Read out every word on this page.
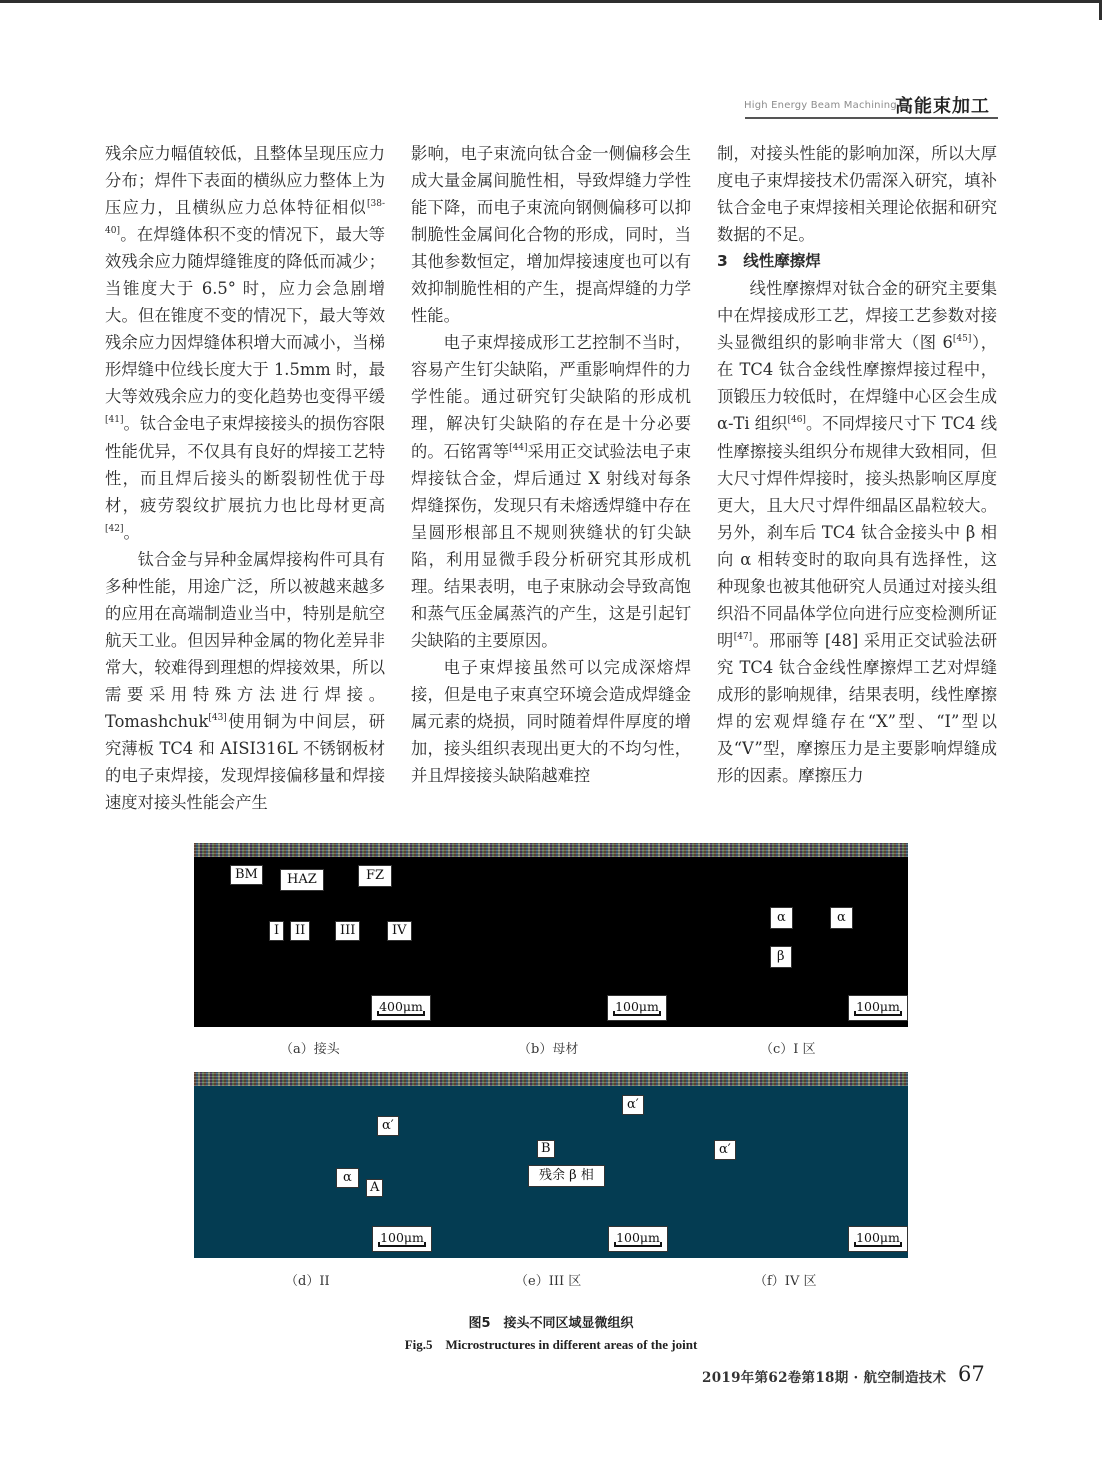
High Energy Beam Machining
高能束加工

残余应力幅值较低，且整体呈现压应力分布；焊件下表面的横纵应力整体上为压应力，且横纵应力总体特征相似[38-40]。在焊缝体积不变的情况下，最大等效残余应力随焊缝锥度的降低而减少；当锥度大于 6.5° 时，应力会急剧增大。但在锥度不变的情况下，最大等效残余应力因焊缝体积增大而减小，当梯形焊缝中位线长度大于 1.5mm 时，最大等效残余应力的变化趋势也变得平缓[41]。钛合金电子束焊接接头的损伤容限性能优异，不仅具有良好的焊接工艺特性，而且焊后接头的断裂韧性优于母材，疲劳裂纹扩展抗力也比母材更高[42]。

钛合金与异种金属焊接构件可具有多种性能，用途广泛，所以被越来越多的应用在高端制造业当中，特别是航空航天工业。但因异种金属的物化差异非常大，较难得到理想的焊接效果，所以需要采用特殊方法进行焊接。Tomashchuk[43]使用铜为中间层，研究薄板 TC4 和 AISI316L 不锈钢板材的电子束焊接，发现焊接偏移量和焊接速度对接头性能会产生

影响，电子束流向钛合金一侧偏移会生成大量金属间脆性相，导致焊缝力学性能下降，而电子束流向钢侧偏移可以抑制脆性金属间化合物的形成，同时，当其他参数恒定，增加焊接速度也可以有效抑制脆性相的产生，提高焊缝的力学性能。

电子束焊接成形工艺控制不当时，容易产生钉尖缺陷，严重影响焊件的力学性能。通过研究钉尖缺陷的形成机理，解决钉尖缺陷的存在是十分必要的。石铭霄等[44]采用正交试验法电子束焊接钛合金，焊后通过 X 射线对每条焊缝探伤，发现只有未熔透焊缝中存在呈圆形根部且不规则狭缝状的钉尖缺陷，利用显微手段分析研究其形成机理。结果表明，电子束脉动会导致高饱和蒸气压金属蒸汽的产生，这是引起钉尖缺陷的主要原因。

电子束焊接虽然可以完成深熔焊接，但是电子束真空环境会造成焊缝金属元素的烧损，同时随着焊件厚度的增加，接头组织表现出更大的不均匀性，并且焊接接头缺陷越难控

制，对接头性能的影响加深，所以大厚度电子束焊接技术仍需深入研究，填补钛合金电子束焊接相关理论依据和研究数据的不足。

3　线性摩擦焊

线性摩擦焊对钛合金的研究主要集中在焊接成形工艺，焊接工艺参数对接头显微组织的影响非常大（图 6[45]），在 TC4 钛合金线性摩擦焊接过程中，顶锻压力较低时，在焊缝中心区会生成 α-Ti 组织[46]。不同焊接尺寸下 TC4 线性摩擦接头组织分布规律大致相同，但大尺寸焊件焊接时，接头热影响区厚度更大，且大尺寸焊件细晶区晶粒较大。另外，刹车后 TC4 钛合金接头中 β 相向 α 相转变时的取向具有选择性，这种现象也被其他研究人员通过对接头组织沿不同晶体学位向进行应变检测所证明[47]。邢丽等 [48] 采用正交试验法研究 TC4 钛合金线性摩擦焊工艺对焊缝成形的影响规律，结果表明，线性摩擦焊的宏观焊缝存在“X”型、“I”型以及“V”型，摩擦压力是主要影响焊缝成形的因素。摩擦压力

BM	HAZ	FZ
I	II	III	IV
α	α
β
400μm	100μm	100μm
（a）接头	（b）母材	（c）I 区
α′
α
A
α′
B
残余 β 相
α′
100μm	100μm	100μm
（d）II	（e）III 区	（f）IV 区
图5　接头不同区域显微组织
Fig.5　Microstructures in different areas of the joint
2019年第62卷第18期 · 航空制造技术 67
